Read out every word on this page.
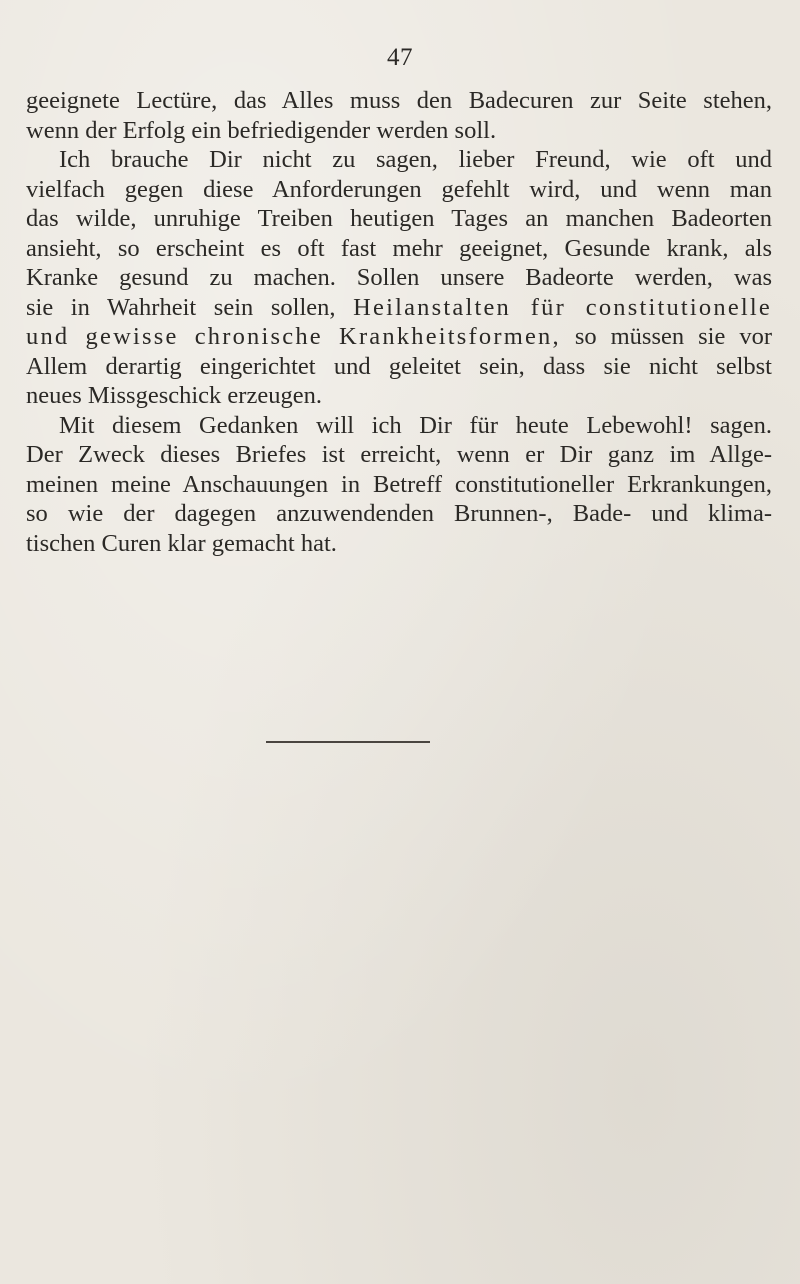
47
geeignete Lectüre, das Alles muss den Badecuren zur Seite stehen,
wenn der Erfolg ein befriedigender werden soll.
Ich brauche Dir nicht zu sagen, lieber Freund, wie oft und
vielfach gegen diese Anforderungen gefehlt wird, und wenn man
das wilde, unruhige Treiben heutigen Tages an manchen Badeorten
ansieht, so erscheint es oft fast mehr geeignet, Gesunde krank, als
Kranke gesund zu machen. Sollen unsere Badeorte werden, was
sie in Wahrheit sein sollen, Heilanstalten für constitutionelle
und gewisse chronische Krankheitsformen, so müssen sie vor
Allem derartig eingerichtet und geleitet sein, dass sie nicht selbst
neues Missgeschick erzeugen.
Mit diesem Gedanken will ich Dir für heute Lebewohl! sagen.
Der Zweck dieses Briefes ist erreicht, wenn er Dir ganz im Allge-
meinen meine Anschauungen in Betreff constitutioneller Erkrankungen,
so wie der dagegen anzuwendenden Brunnen-, Bade- und klima-
tischen Curen klar gemacht hat.
